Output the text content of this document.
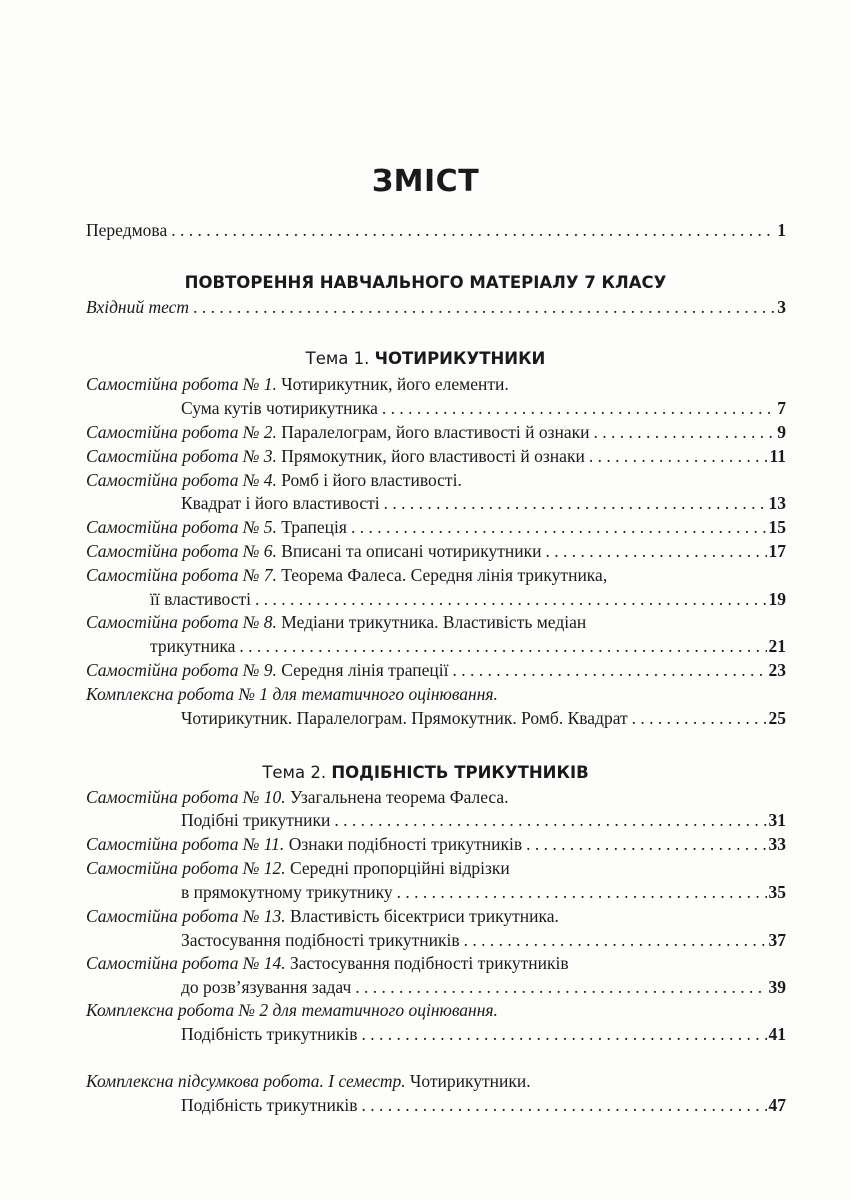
ЗМІСТ
Передмова . . .	1
ПОВТОРЕННЯ НАВЧАЛЬНОГО МАТЕРІАЛУ 7 КЛАСУ
Вхідний тест . . .	3
Тема 1. ЧОТИРИКУТНИКИ
Самостійна робота № 1. Чотирикутник, його елементи.
Сума кутів чотирикутника . . .	7
Самостійна робота № 2.
Паралелограм, його властивості й ознаки . . .	9
Самостійна робота № 3.
Прямокутник, його властивості й ознаки . . .	11
Самостійна робота № 4. Ромб і його властивості.
Квадрат і його властивості . . .	13
Самостійна робота № 5.
Трапеція . . .	15
Самостійна робота № 6.
Вписані та описані чотирикутники . . .	17
Самостійна робота № 7. Теорема Фалеса. Середня лінія трикутника,
її властивості . . .	19
Самостійна робота № 8. Медіани трикутника. Властивість медіан
трикутника . . .	21
Самостійна робота № 9.
Середня лінія трапеції . . .	23
Комплексна робота № 1 для тематичного оцінювання.
Чотирикутник. Паралелограм. Прямокутник. Ромб. Квадрат . . .	25
Тема 2. ПОДІБНІСТЬ ТРИКУТНИКІВ
Самостійна робота № 10. Узагальнена теорема Фалеса.
Подібні трикутники . . .	31
Самостійна робота № 11.
Ознаки подібності трикутників . . .	33
Самостійна робота № 12. Середні пропорційні відрізки
в прямокутному трикутнику . . .	35
Самостійна робота № 13. Властивість бісектриси трикутника.
Застосування подібності трикутників . . .	37
Самостійна робота № 14. Застосування подібності трикутників
до розв’язування задач . . .	39
Комплексна робота № 2 для тематичного оцінювання.
Подібність трикутників . . .	41
Комплексна підсумкова робота. І семестр. Чотирикутники.
Подібність трикутників . . .	47
